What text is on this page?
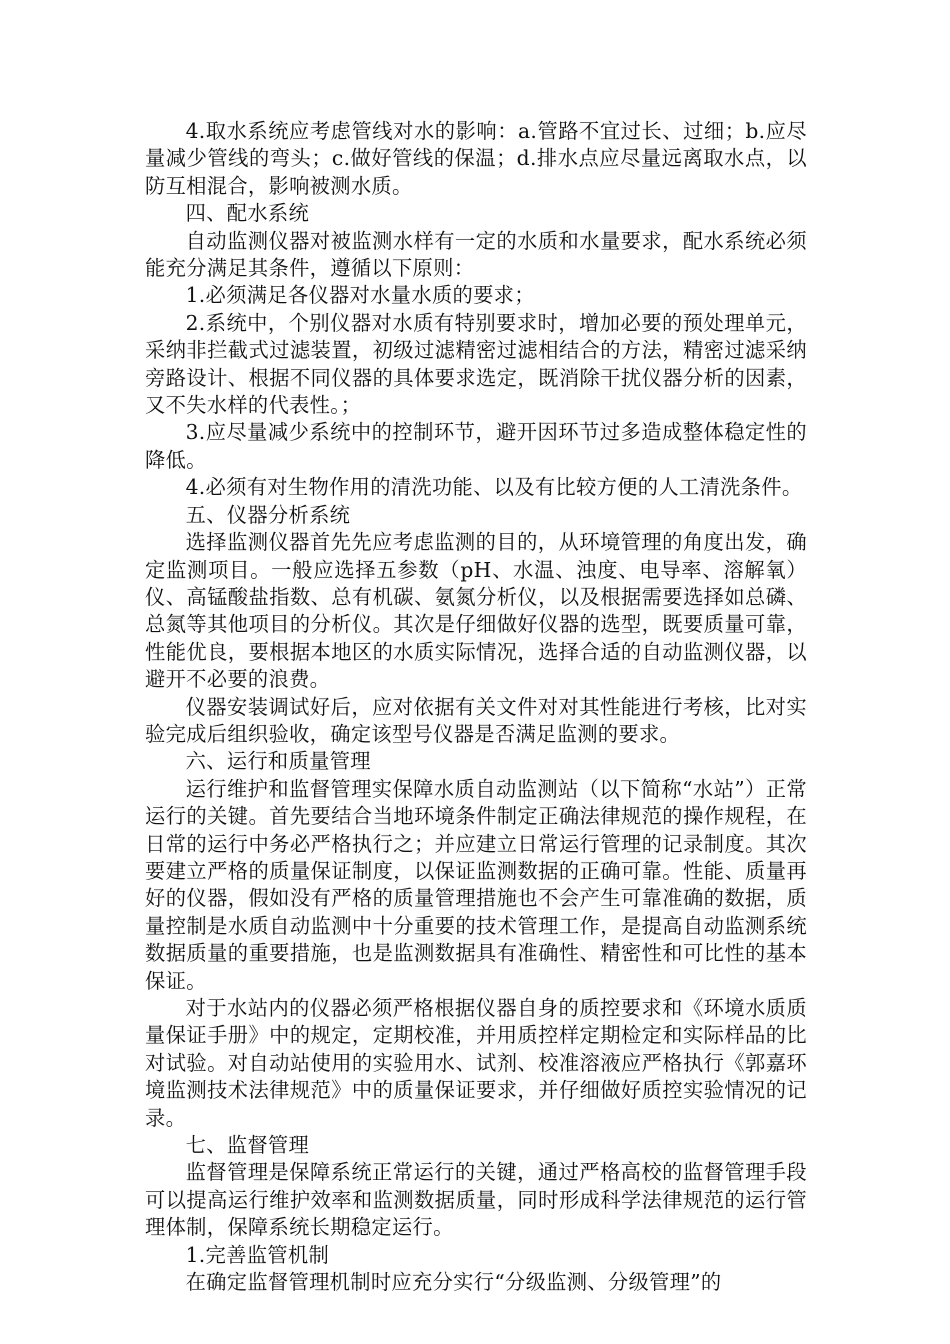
4.取水系统应考虑管线对水的影响：a.管路不宜过长、过细；b.应尽量减少管线的弯头；c.做好管线的保温；d.排水点应尽量远离取水点，以防互相混合，影响被测水质。

四、配水系统

自动监测仪器对被监测水样有一定的水质和水量要求，配水系统必须能充分满足其条件，遵循以下原则：

1.必须满足各仪器对水量水质的要求；

2.系统中，个别仪器对水质有特别要求时，增加必要的预处理单元，采纳非拦截式过滤装置，初级过滤精密过滤相结合的方法，精密过滤采纳旁路设计、根据不同仪器的具体要求选定，既消除干扰仪器分析的因素，又不失水样的代表性。；

3.应尽量减少系统中的控制环节，避开因环节过多造成整体稳定性的降低。

4.必须有对生物作用的清洗功能、以及有比较方便的人工清洗条件。

五、仪器分析系统

选择监测仪器首先先应考虑监测的目的，从环境管理的角度出发，确定监测项目。一般应选择五参数（pH、水温、浊度、电导率、溶解氧）仪、高锰酸盐指数、总有机碳、氨氮分析仪，以及根据需要选择如总磷、总氮等其他项目的分析仪。其次是仔细做好仪器的选型，既要质量可靠，性能优良，要根据本地区的水质实际情况，选择合适的自动监测仪器，以避开不必要的浪费。

仪器安装调试好后，应对依据有关文件对对其性能进行考核，比对实验完成后组织验收，确定该型号仪器是否满足监测的要求。

六、运行和质量管理

运行维护和监督管理实保障水质自动监测站（以下简称“水站”）正常运行的关键。首先要结合当地环境条件制定正确法律规范的操作规程，在日常的运行中务必严格执行之；并应建立日常运行管理的记录制度。其次要建立严格的质量保证制度，以保证监测数据的正确可靠。性能、质量再好的仪器，假如没有严格的质量管理措施也不会产生可靠准确的数据，质量控制是水质自动监测中十分重要的技术管理工作，是提高自动监测系统数据质量的重要措施，也是监测数据具有准确性、精密性和可比性的基本保证。

对于水站内的仪器必须严格根据仪器自身的质控要求和《环境水质质量保证手册》中的规定，定期校准，并用质控样定期检定和实际样品的比对试验。对自动站使用的实验用水、试剂、校准溶液应严格执行《郭嘉环境监测技术法律规范》中的质量保证要求，并仔细做好质控实验情况的记录。

七、监督管理

监督管理是保障系统正常运行的关键，通过严格高校的监督管理手段可以提高运行维护效率和监测数据质量，同时形成科学法律规范的运行管理体制，保障系统长期稳定运行。

1.完善监管机制

在确定监督管理机制时应充分实行“分级监测、分级管理”的
